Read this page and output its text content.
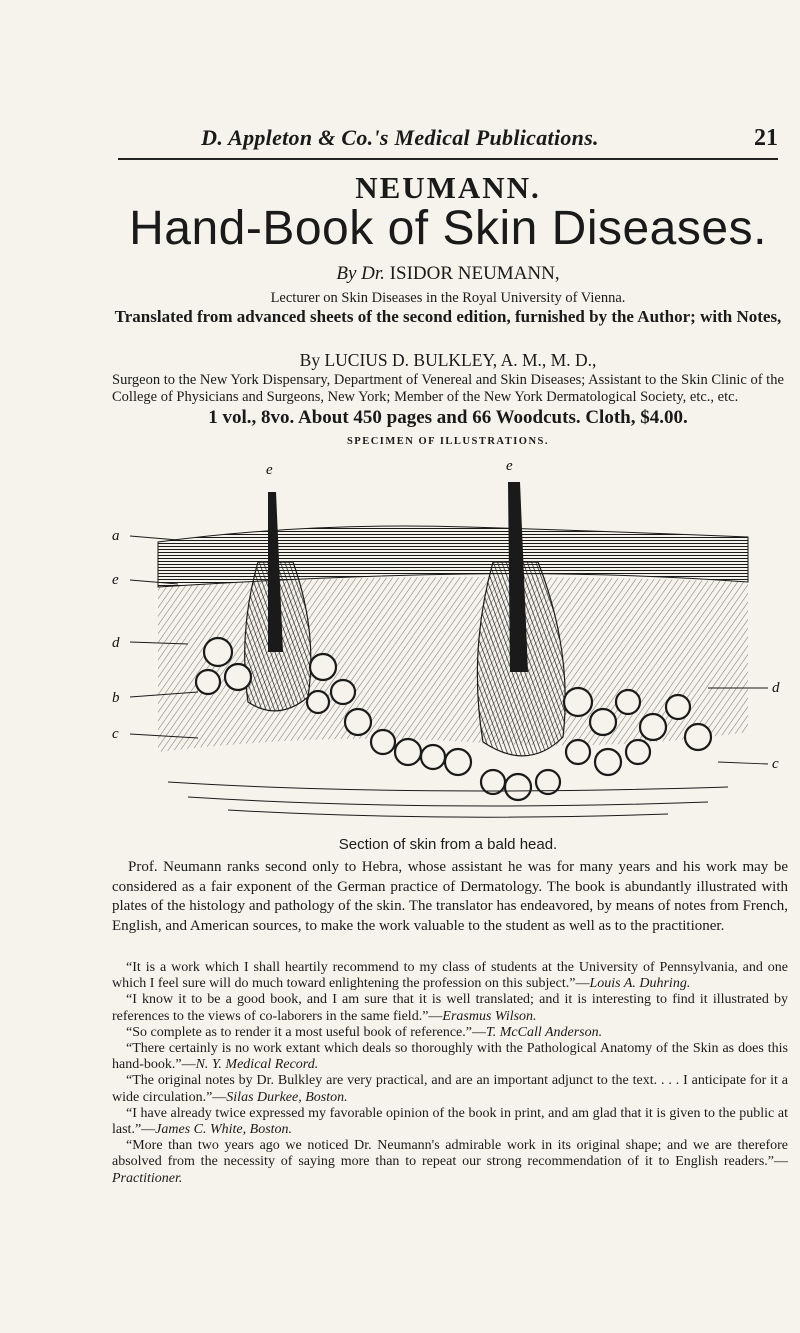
D. Appleton & Co.'s Medical Publications.	21
NEUMANN.
Hand-Book of Skin Diseases.
By Dr. ISIDOR NEUMANN,
Lecturer on Skin Diseases in the Royal University of Vienna.
Translated from advanced sheets of the second edition, furnished by the Author; with Notes,
By LUCIUS D. BULKLEY, A. M., M. D.,
Surgeon to the New York Dispensary, Department of Venereal and Skin Diseases; Assistant to the Skin Clinic of the College of Physicians and Surgeons, New York; Member of the New York Dermatological Society, etc., etc.
1 vol., 8vo. About 450 pages and 66 Woodcuts. Cloth, $4.00.
SPECIMEN OF ILLUSTRATIONS.
e	e
a
e
d
b
c
d
c
Section of skin from a bald head.
Prof. Neumann ranks second only to Hebra, whose assistant he was for many years and his work may be considered as a fair exponent of the German practice of Dermatology. The book is abundantly illustrated with plates of the histology and pathology of the skin. The translator has endeavored, by means of notes from French, English, and American sources, to make the work valuable to the student as well as to the practitioner.

“It is a work which I shall heartily recommend to my class of students at the University of Pennsylvania, and one which I feel sure will do much toward enlightening the profession on this subject.”—Louis A. Duhring.

“I know it to be a good book, and I am sure that it is well translated; and it is interesting to find it illustrated by references to the views of co-laborers in the same field.”—Erasmus Wilson.

“So complete as to render it a most useful book of reference.”—T. McCall Anderson.

“There certainly is no work extant which deals so thoroughly with the Pathological Anatomy of the Skin as does this hand-book.”—N. Y. Medical Record.

“The original notes by Dr. Bulkley are very practical, and are an important adjunct to the text. . . . I anticipate for it a wide circulation.”—Silas Durkee, Boston.

“I have already twice expressed my favorable opinion of the book in print, and am glad that it is given to the public at last.”—James C. White, Boston.

“More than two years ago we noticed Dr. Neumann's admirable work in its original shape; and we are therefore absolved from the necessity of saying more than to repeat our strong recommendation of it to English readers.”—Practitioner.
